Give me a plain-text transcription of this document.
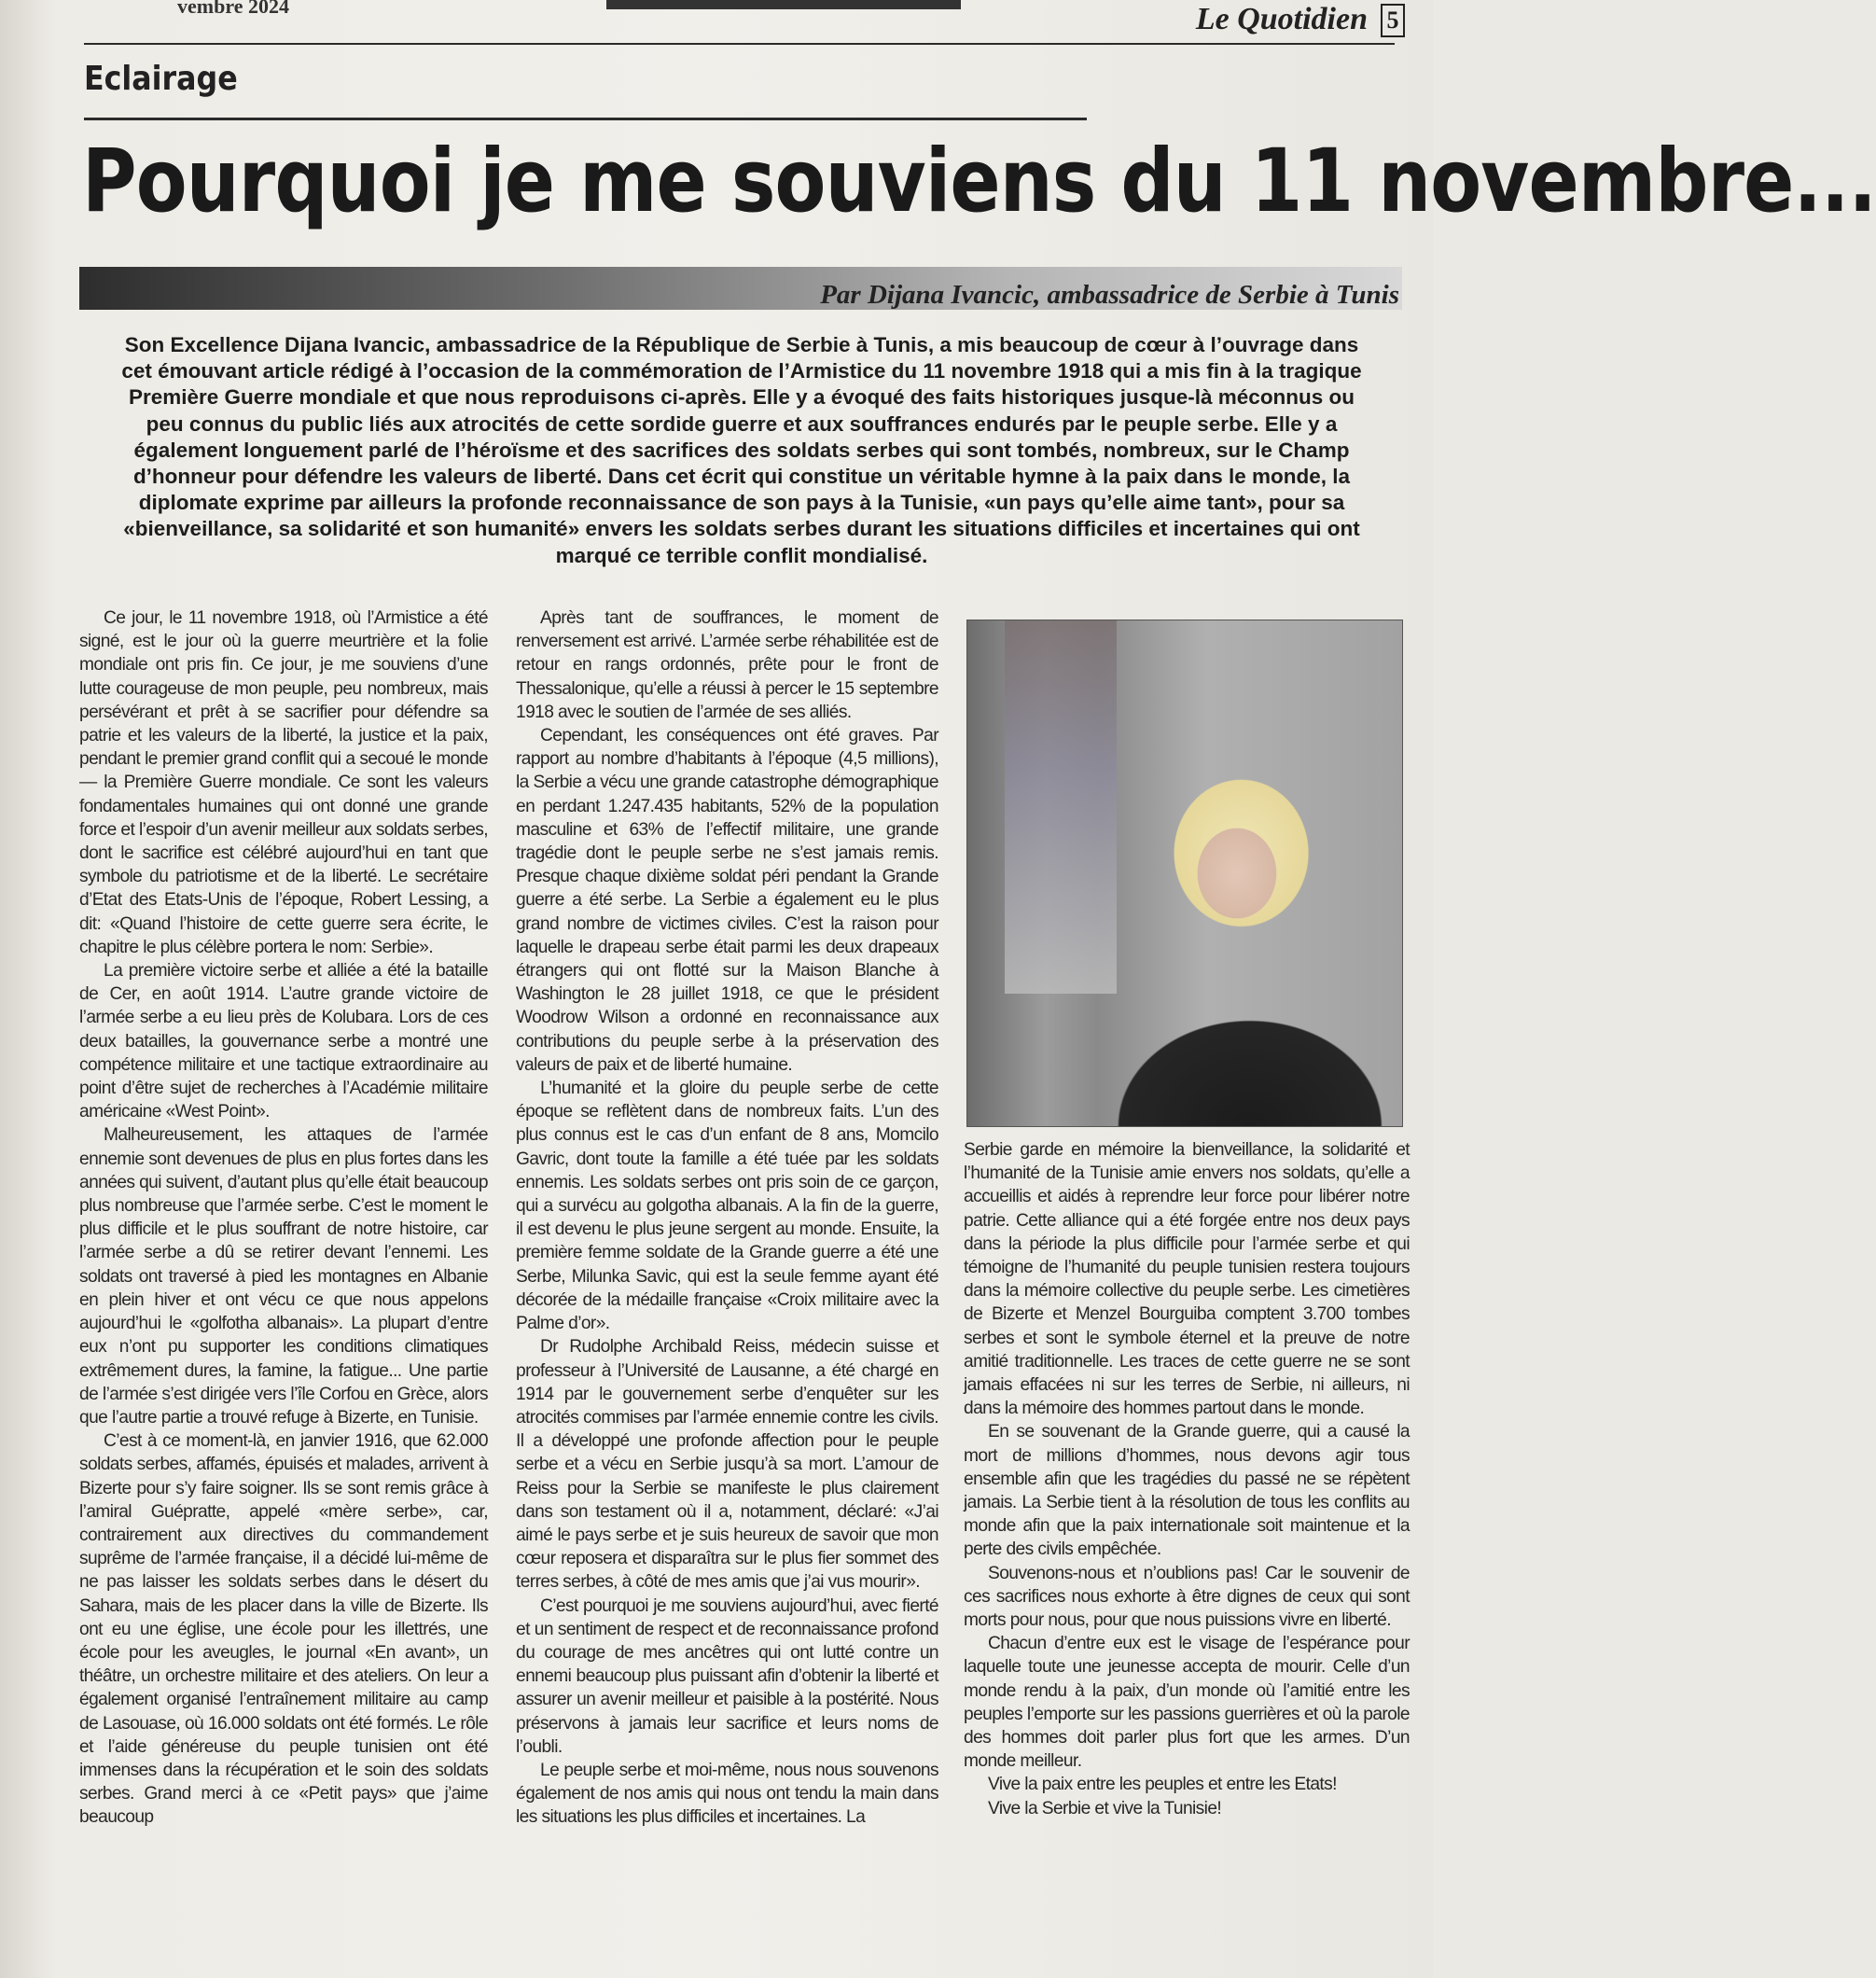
vembre 2024	Le Quotidien 5
Eclairage
Pourquoi je me souviens du 11 novembre...
Par Dijana Ivancic, ambassadrice de Serbie à Tunis
Son Excellence Dijana Ivancic, ambassadrice de la République de Serbie à Tunis, a mis beaucoup de cœur à l’ouvrage dans cet émouvant article rédigé à l’occasion de la commémoration de l’Armistice du 11 novembre 1918 qui a mis fin à la tragique Première Guerre mondiale et que nous reproduisons ci-après. Elle y a évoqué des faits historiques jusque-là méconnus ou peu connus du public liés aux atrocités de cette sordide guerre et aux souffrances endurés par le peuple serbe. Elle y a également longuement parlé de l’héroïsme et des sacrifices des soldats serbes qui sont tombés, nombreux, sur le Champ d’honneur pour défendre les valeurs de liberté. Dans cet écrit qui constitue un véritable hymne à la paix dans le monde, la diplomate exprime par ailleurs la profonde reconnaissance de son pays à la Tunisie, «un pays qu’elle aime tant», pour sa «bienveillance, sa solidarité et son humanité» envers les soldats serbes durant les situations difficiles et incertaines qui ont marqué ce terrible conflit mondialisé.

Ce jour, le 11 novembre 1918, où l’Armistice a été signé, est le jour où la guerre meurtrière et la folie mondiale ont pris fin. Ce jour, je me souviens d’une lutte courageuse de mon peuple, peu nombreux, mais persévérant et prêt à se sacrifier pour défendre sa patrie et les valeurs de la liberté, la justice et la paix, pendant le premier grand conflit qui a secoué le monde — la Première Guerre mondiale. Ce sont les valeurs fondamentales humaines qui ont donné une grande force et l’espoir d’un avenir meilleur aux soldats serbes, dont le sacrifice est célébré aujourd’hui en tant que symbole du patriotisme et de la liberté. Le secrétaire d’Etat des Etats-Unis de l’époque, Robert Lessing, a dit: «Quand l’histoire de cette guerre sera écrite, le chapitre le plus célèbre portera le nom: Serbie».

La première victoire serbe et alliée a été la bataille de Cer, en août 1914. L’autre grande victoire de l’armée serbe a eu lieu près de Kolubara. Lors de ces deux batailles, la gouvernance serbe a montré une compétence militaire et une tactique extraordinaire au point d’être sujet de recherches à l’Académie militaire américaine «West Point».

Malheureusement, les attaques de l’armée ennemie sont devenues de plus en plus fortes dans les années qui suivent, d’autant plus qu’elle était beaucoup plus nombreuse que l’armée serbe. C’est le moment le plus difficile et le plus souffrant de notre histoire, car l’armée serbe a dû se retirer devant l’ennemi. Les soldats ont traversé à pied les montagnes en Albanie en plein hiver et ont vécu ce que nous appelons aujourd’hui le «golfotha albanais». La plupart d’entre eux n’ont pu supporter les conditions climatiques extrêmement dures, la famine, la fatigue... Une partie de l’armée s’est dirigée vers l’île Corfou en Grèce, alors que l’autre partie a trouvé refuge à Bizerte, en Tunisie.

C’est à ce moment-là, en janvier 1916, que 62.000 soldats serbes, affamés, épuisés et malades, arrivent à Bizerte pour s’y faire soigner. Ils se sont remis grâce à l’amiral Guépratte, appelé «mère serbe», car, contrairement aux directives du commandement suprême de l’armée française, il a décidé lui-même de ne pas laisser les soldats serbes dans le désert du Sahara, mais de les placer dans la ville de Bizerte. Ils ont eu une église, une école pour les illettrés, une école pour les aveugles, le journal «En avant», un théâtre, un orchestre militaire et des ateliers. On leur a également organisé l’entraînement militaire au camp de Lasouase, où 16.000 soldats ont été formés. Le rôle et l’aide généreuse du peuple tunisien ont été immenses dans la récupération et le soin des soldats serbes. Grand merci à ce «Petit pays» que j’aime beaucoup

Après tant de souffrances, le moment de renversement est arrivé. L’armée serbe réhabilitée est de retour en rangs ordonnés, prête pour le front de Thessalonique, qu’elle a réussi à percer le 15 septembre 1918 avec le soutien de l’armée de ses alliés.

Cependant, les conséquences ont été graves. Par rapport au nombre d’habitants à l’époque (4,5 millions), la Serbie a vécu une grande catastrophe démographique en perdant 1.247.435 habitants, 52% de la population masculine et 63% de l’effectif militaire, une grande tragédie dont le peuple serbe ne s’est jamais remis. Presque chaque dixième soldat péri pendant la Grande guerre a été serbe. La Serbie a également eu le plus grand nombre de victimes civiles. C’est la raison pour laquelle le drapeau serbe était parmi les deux drapeaux étrangers qui ont flotté sur la Maison Blanche à Washington le 28 juillet 1918, ce que le président Woodrow Wilson a ordonné en reconnaissance aux contributions du peuple serbe à la préservation des valeurs de paix et de liberté humaine.

L’humanité et la gloire du peuple serbe de cette époque se reflètent dans de nombreux faits. L’un des plus connus est le cas d’un enfant de 8 ans, Momcilo Gavric, dont toute la famille a été tuée par les soldats ennemis. Les soldats serbes ont pris soin de ce garçon, qui a survécu au golgotha albanais. A la fin de la guerre, il est devenu le plus jeune sergent au monde. Ensuite, la première femme soldate de la Grande guerre a été une Serbe, Milunka Savic, qui est la seule femme ayant été décorée de la médaille française «Croix militaire avec la Palme d’or».

Dr Rudolphe Archibald Reiss, médecin suisse et professeur à l’Université de Lausanne, a été chargé en 1914 par le gouvernement serbe d’enquêter sur les atrocités commises par l’armée ennemie contre les civils. Il a développé une profonde affection pour le peuple serbe et a vécu en Serbie jusqu’à sa mort. L’amour de Reiss pour la Serbie se manifeste le plus clairement dans son testament où il a, notamment, déclaré: «J’ai aimé le pays serbe et je suis heureux de savoir que mon cœur reposera et disparaîtra sur le plus fier sommet des terres serbes, à côté de mes amis que j’ai vus mourir».

C’est pourquoi je me souviens aujourd’hui, avec fierté et un sentiment de respect et de reconnaissance profond du courage de mes ancêtres qui ont lutté contre un ennemi beaucoup plus puissant afin d’obtenir la liberté et assurer un avenir meilleur et paisible à la postérité. Nous préservons à jamais leur sacrifice et leurs noms de l’oubli.

Le peuple serbe et moi-même, nous nous souvenons également de nos amis qui nous ont tendu la main dans les situations les plus difficiles et incertaines. La

Serbie garde en mémoire la bienveillance, la solidarité et l’humanité de la Tunisie amie envers nos soldats, qu’elle a accueillis et aidés à reprendre leur force pour libérer notre patrie. Cette alliance qui a été forgée entre nos deux pays dans la période la plus difficile pour l’armée serbe et qui témoigne de l’humanité du peuple tunisien restera toujours dans la mémoire collective du peuple serbe. Les cimetières de Bizerte et Menzel Bourguiba comptent 3.700 tombes serbes et sont le symbole éternel et la preuve de notre amitié traditionnelle. Les traces de cette guerre ne se sont jamais effacées ni sur les terres de Serbie, ni ailleurs, ni dans la mémoire des hommes partout dans le monde.

En se souvenant de la Grande guerre, qui a causé la mort de millions d’hommes, nous devons agir tous ensemble afin que les tragédies du passé ne se répètent jamais. La Serbie tient à la résolution de tous les conflits au monde afin que la paix internationale soit maintenue et la perte des civils empêchée.

Souvenons-nous et n’oublions pas! Car le souvenir de ces sacrifices nous exhorte à être dignes de ceux qui sont morts pour nous, pour que nous puissions vivre en liberté.

Chacun d’entre eux est le visage de l’espérance pour laquelle toute une jeunesse accepta de mourir. Celle d’un monde rendu à la paix, d’un monde où l’amitié entre les peuples l’emporte sur les passions guerrières et où la parole des hommes doit parler plus fort que les armes. D’un monde meilleur.

Vive la paix entre les peuples et entre les Etats!

Vive la Serbie et vive la Tunisie!
